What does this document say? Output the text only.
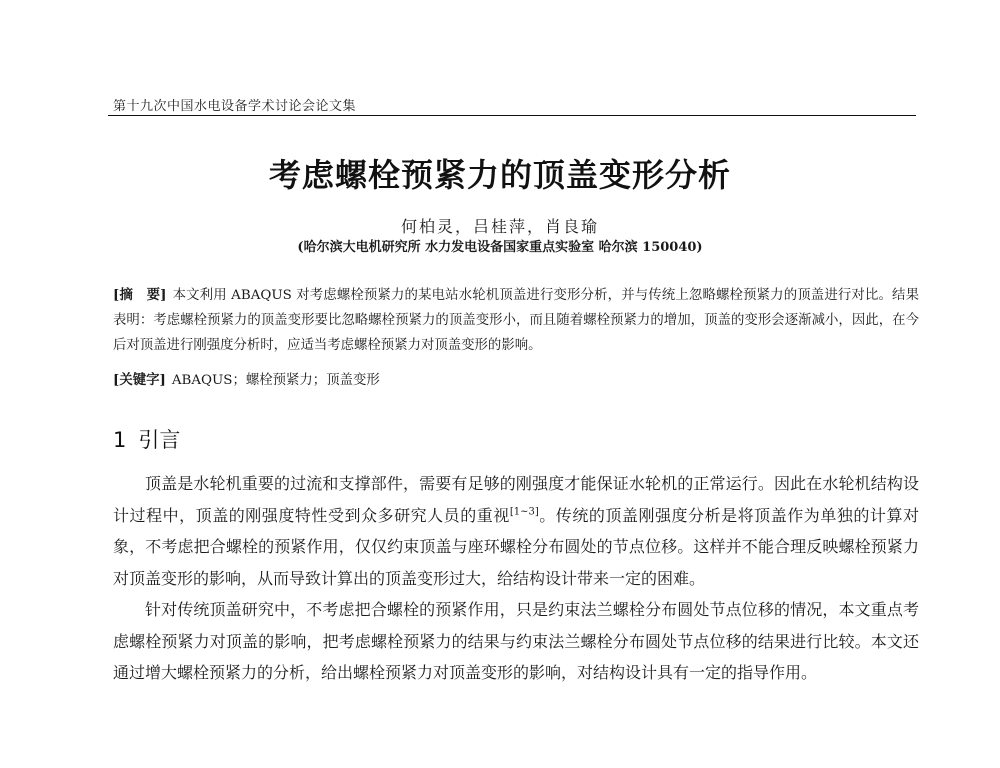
第十九次中国水电设备学术讨论会论文集
考虑螺栓预紧力的顶盖变形分析
何柏灵，吕桂萍，肖良瑜
(哈尔滨大电机研究所 水力发电设备国家重点实验室 哈尔滨 150040)
[摘　要] 本文利用 ABAQUS 对考虑螺栓预紧力的某电站水轮机顶盖进行变形分析，并与传统上忽略螺栓预紧力的顶盖进行对比。结果表明：考虑螺栓预紧力的顶盖变形要比忽略螺栓预紧力的顶盖变形小，而且随着螺栓预紧力的增加，顶盖的变形会逐渐减小，因此，在今后对顶盖进行刚强度分析时，应适当考虑螺栓预紧力对顶盖变形的影响。
[关键字] ABAQUS；螺栓预紧力；顶盖变形
1 引言

顶盖是水轮机重要的过流和支撑部件，需要有足够的刚强度才能保证水轮机的正常运行。因此在水轮机结构设计过程中，顶盖的刚强度特性受到众多研究人员的重视[1~3]。传统的顶盖刚强度分析是将顶盖作为单独的计算对象，不考虑把合螺栓的预紧作用，仅仅约束顶盖与座环螺栓分布圆处的节点位移。这样并不能合理反映螺栓预紧力对顶盖变形的影响，从而导致计算出的顶盖变形过大，给结构设计带来一定的困难。

针对传统顶盖研究中，不考虑把合螺栓的预紧作用，只是约束法兰螺栓分布圆处节点位移的情况，本文重点考虑螺栓预紧力对顶盖的影响，把考虑螺栓预紧力的结果与约束法兰螺栓分布圆处节点位移的结果进行比较。本文还通过增大螺栓预紧力的分析，给出螺栓预紧力对顶盖变形的影响，对结构设计具有一定的指导作用。
